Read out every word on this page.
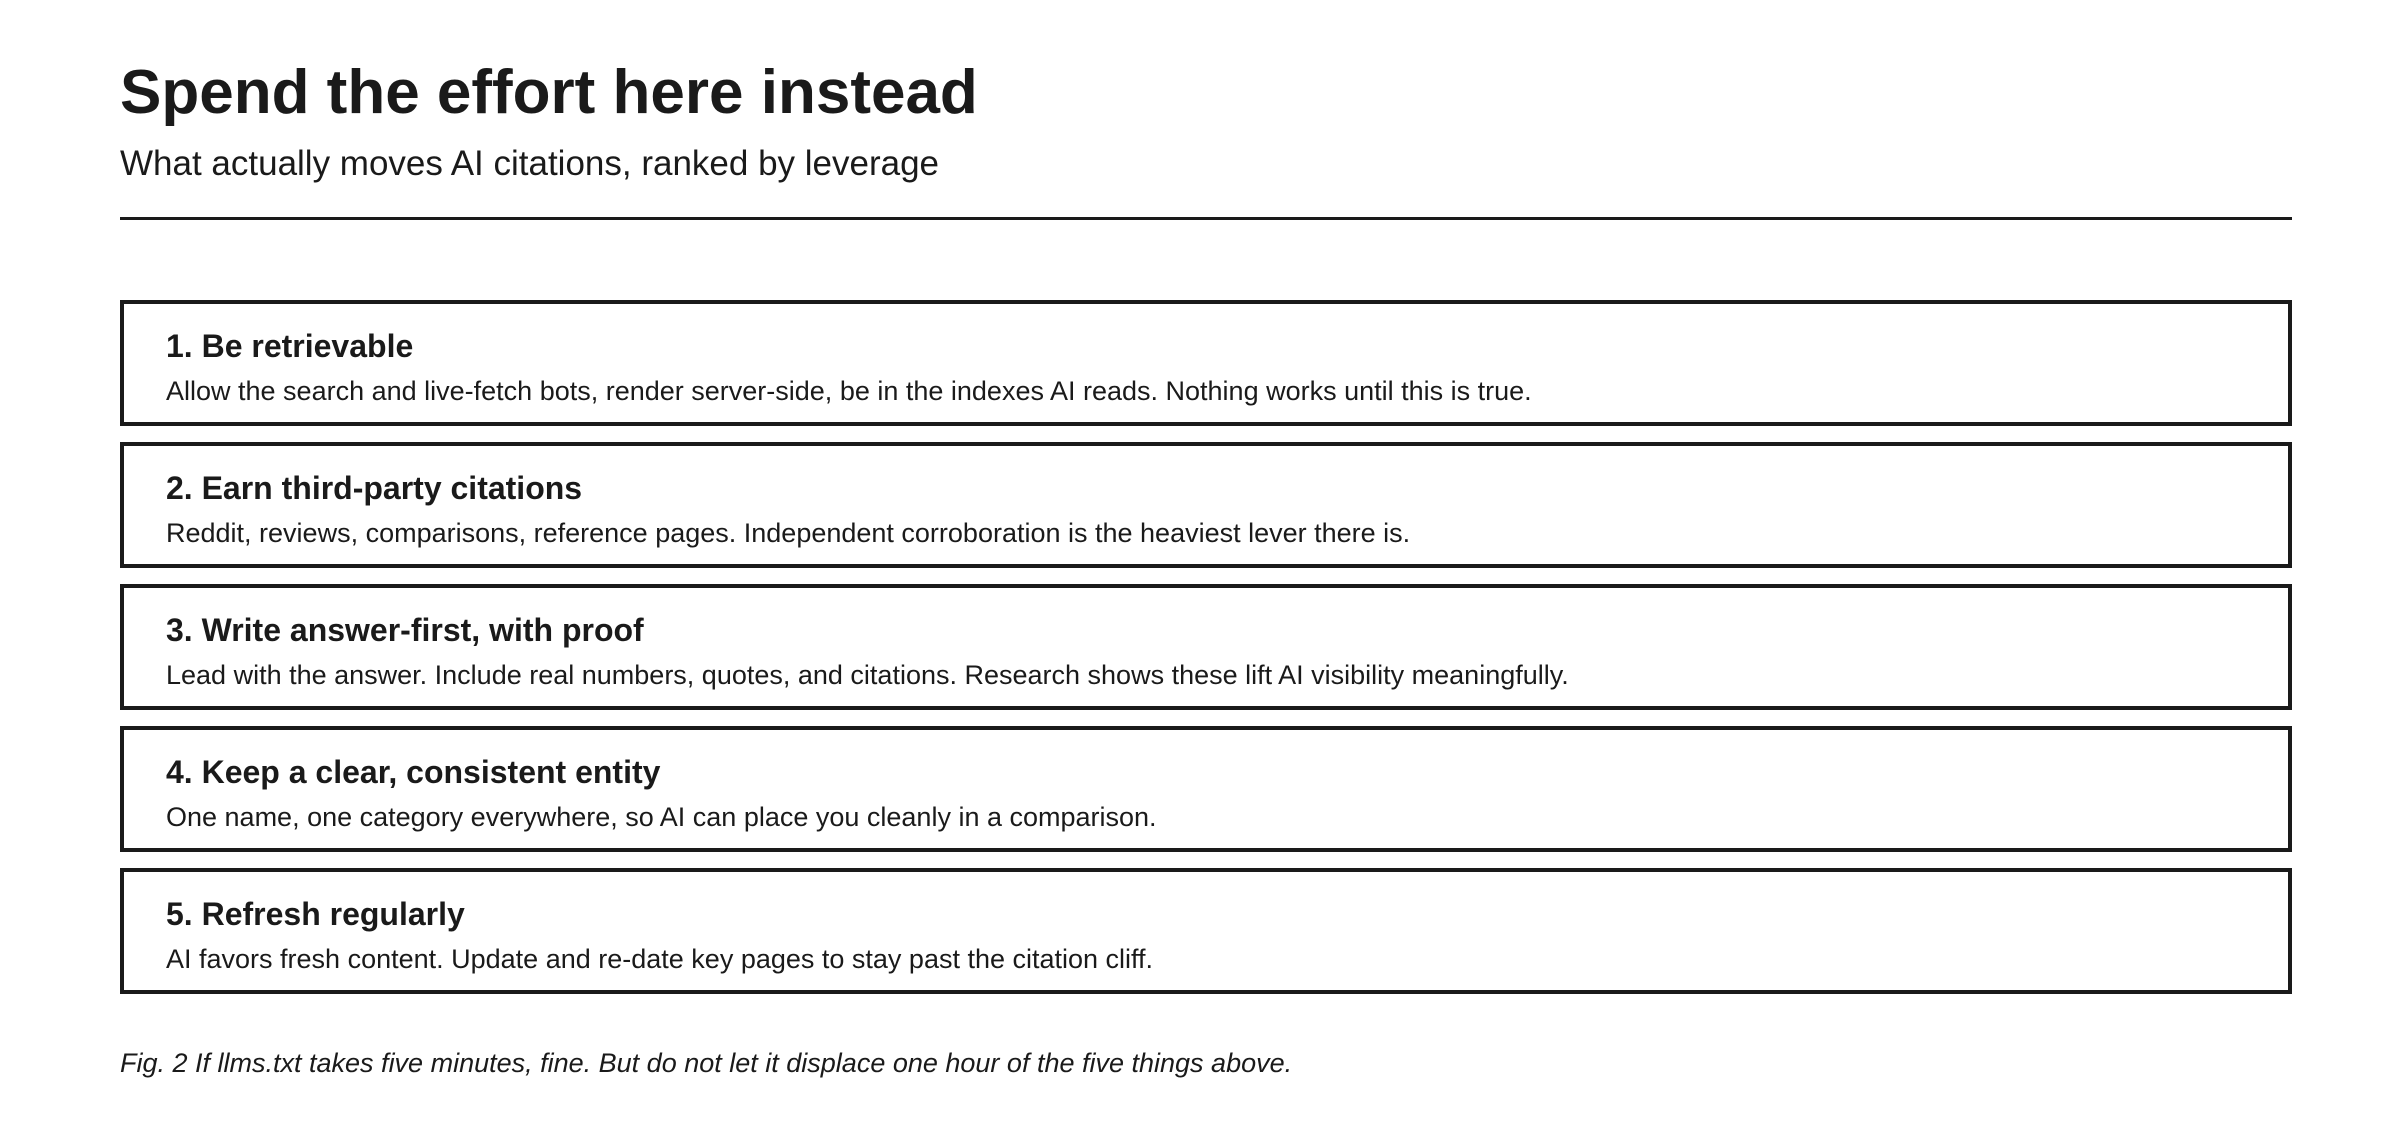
Spend the effort here instead

What actually moves AI citations, ranked by leverage

1. Be retrievable

Allow the search and live-fetch bots, render server-side, be in the indexes AI reads. Nothing works until this is true.

2. Earn third-party citations

Reddit, reviews, comparisons, reference pages. Independent corroboration is the heaviest lever there is.

3. Write answer-first, with proof

Lead with the answer. Include real numbers, quotes, and citations. Research shows these lift AI visibility meaningfully.

4. Keep a clear, consistent entity

One name, one category everywhere, so AI can place you cleanly in a comparison.

5. Refresh regularly

AI favors fresh content. Update and re-date key pages to stay past the citation cliff.

Fig. 2 If llms.txt takes five minutes, fine. But do not let it displace one hour of the five things above.
